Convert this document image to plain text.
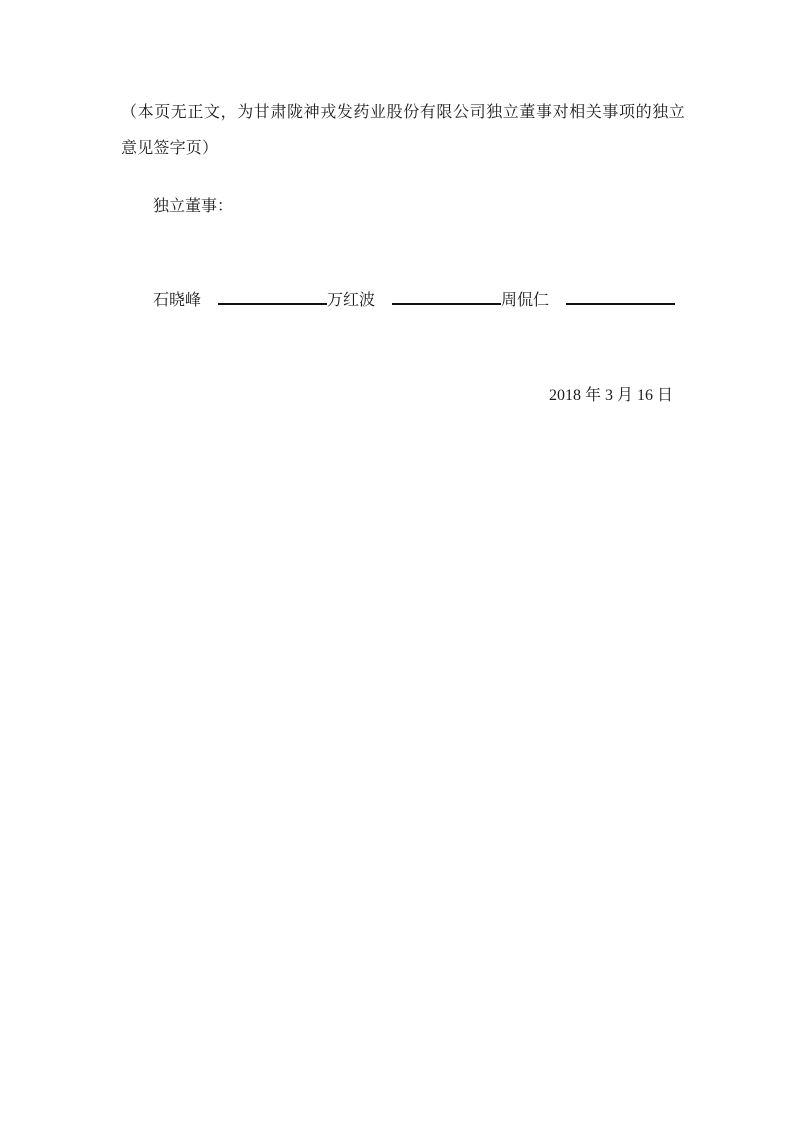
（本页无正文，为甘肃陇神戎发药业股份有限公司独立董事对相关事项的独立意见签字页）

独立董事：

石晓峰	万红波	周侃仁

2018 年 3 月 16 日
